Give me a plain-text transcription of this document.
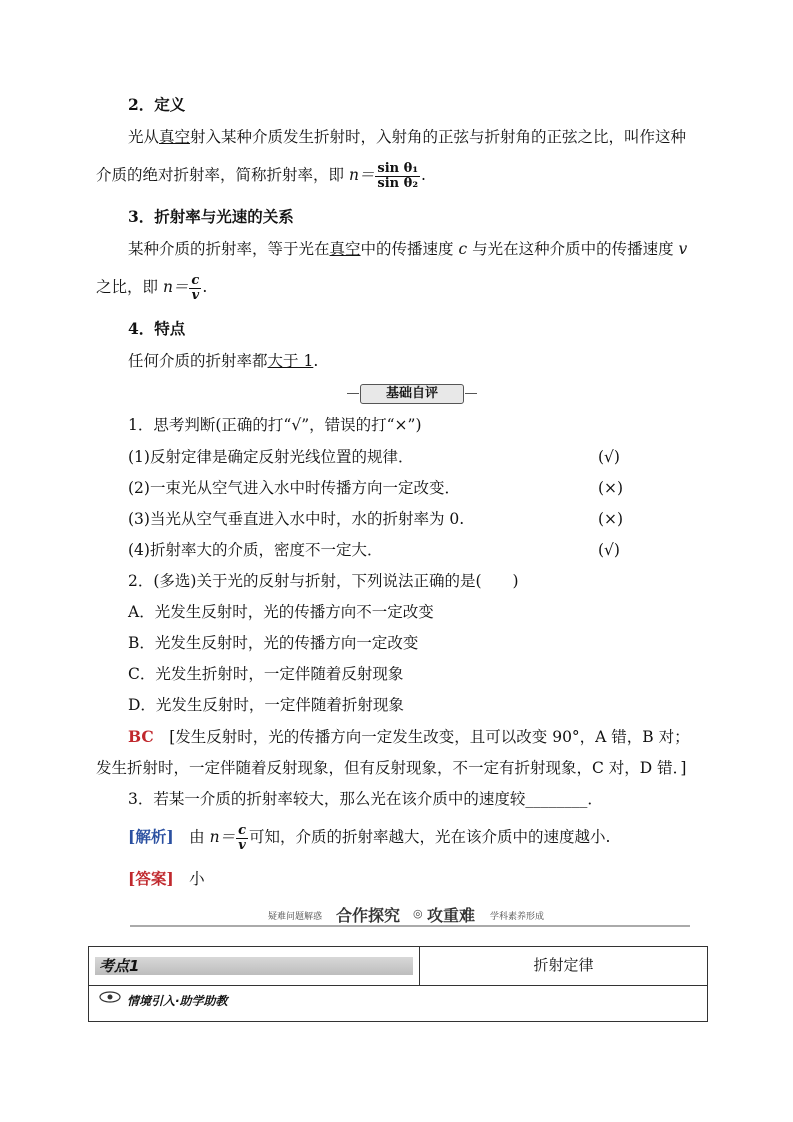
2．定义
光从真空射入某种介质发生折射时，入射角的正弦与折射角的正弦之比，叫作这种
介质的绝对折射率，简称折射率，即 $n= \frac{\text{sin θ₁}}{\text{sin θ₂}}$ .
3．折射率与光速的关系
某种介质的折射率，等于光在真空中的传播速度 c 与光在这种介质中的传播速度 v
之比，即 $n= \frac{c}{v}$ .
4．特点
任何介质的折射率都大于 1.
基础自评
1．思考判断(正确的打“√”，错误的打“×”)
(1)反射定律是确定反射光线位置的规律．	(√)
(2)一束光从空气进入水中时传播方向一定改变．	(×)
(3)当光从空气垂直进入水中时，水的折射率为 0.	(×)
(4)折射率大的介质，密度不一定大．	(√)
2．(多选)关于光的反射与折射，下列说法正确的是(　　)
A．光发生反射时，光的传播方向不一定改变
B．光发生反射时，光的传播方向一定改变
C．光发生折射时，一定伴随着反射现象
D．光发生反射时，一定伴随着折射现象
BC　[发生反射时，光的传播方向一定发生改变，且可以改变 90°，A 错，B 对；
发生折射时，一定伴随着反射现象，但有反射现象，不一定有折射现象，C 对，D 错．]
3．若某一介质的折射率较大，那么光在该介质中的速度较________．
[解析]　由 $n= \frac{c}{v}$ 可知，介质的折射率越大，光在该介质中的速度越小.
[答案]　小
疑难问题解惑 合作探究 ◎ 攻重难 学科素养形成
考点1	折射定律
情境引入·助学助教
